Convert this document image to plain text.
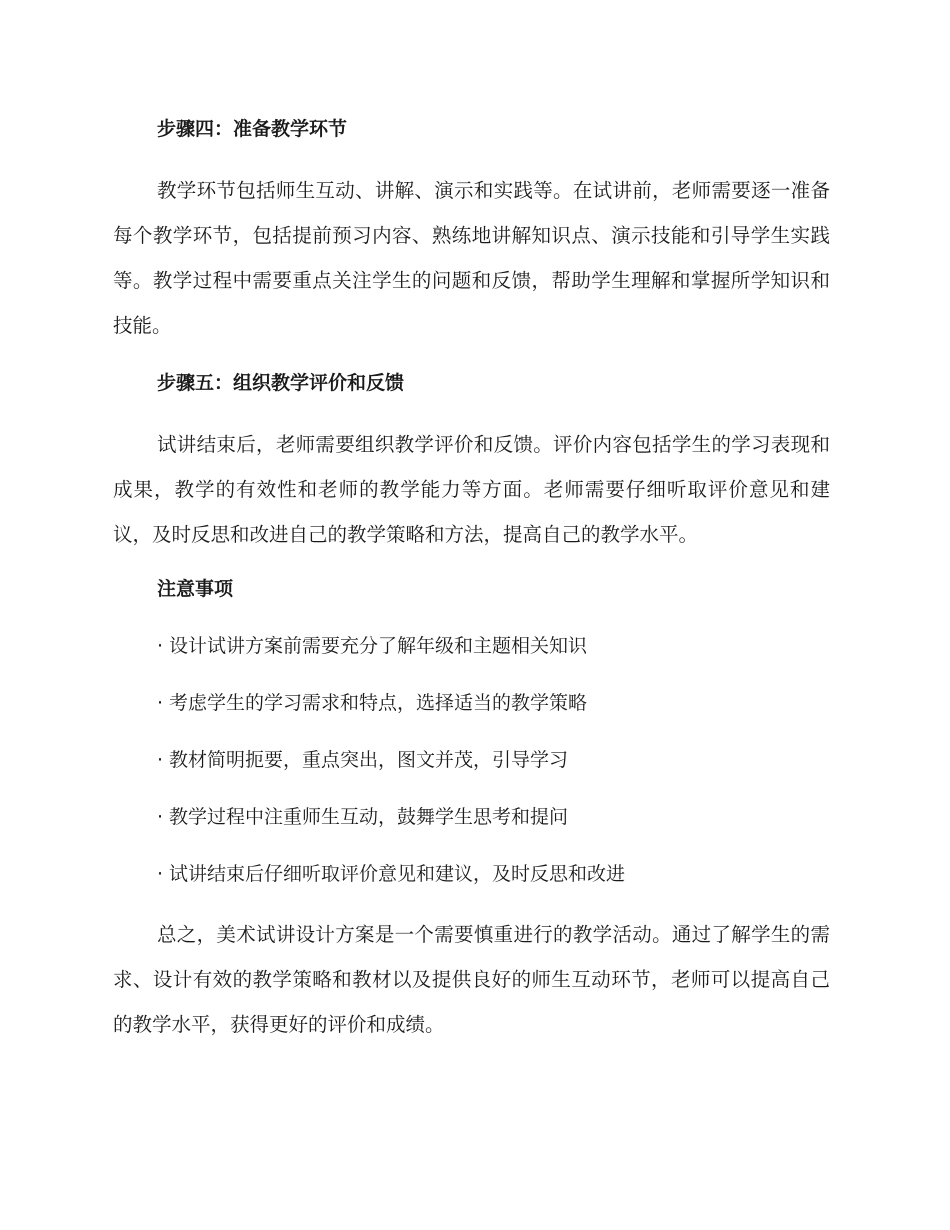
步骤四：准备教学环节

教学环节包括师生互动、讲解、演示和实践等。在试讲前，老师需要逐一准备每个教学环节，包括提前预习内容、熟练地讲解知识点、演示技能和引导学生实践等。教学过程中需要重点关注学生的问题和反馈，帮助学生理解和掌握所学知识和技能。

步骤五：组织教学评价和反馈

试讲结束后，老师需要组织教学评价和反馈。评价内容包括学生的学习表现和成果，教学的有效性和老师的教学能力等方面。老师需要仔细听取评价意见和建议，及时反思和改进自己的教学策略和方法，提高自己的教学水平。

注意事项
· 设计试讲方案前需要充分了解年级和主题相关知识
· 考虑学生的学习需求和特点，选择适当的教学策略
· 教材简明扼要，重点突出，图文并茂，引导学习
· 教学过程中注重师生互动，鼓舞学生思考和提问
· 试讲结束后仔细听取评价意见和建议，及时反思和改进

总之，美术试讲设计方案是一个需要慎重进行的教学活动。通过了解学生的需求、设计有效的教学策略和教材以及提供良好的师生互动环节，老师可以提高自己的教学水平，获得更好的评价和成绩。
